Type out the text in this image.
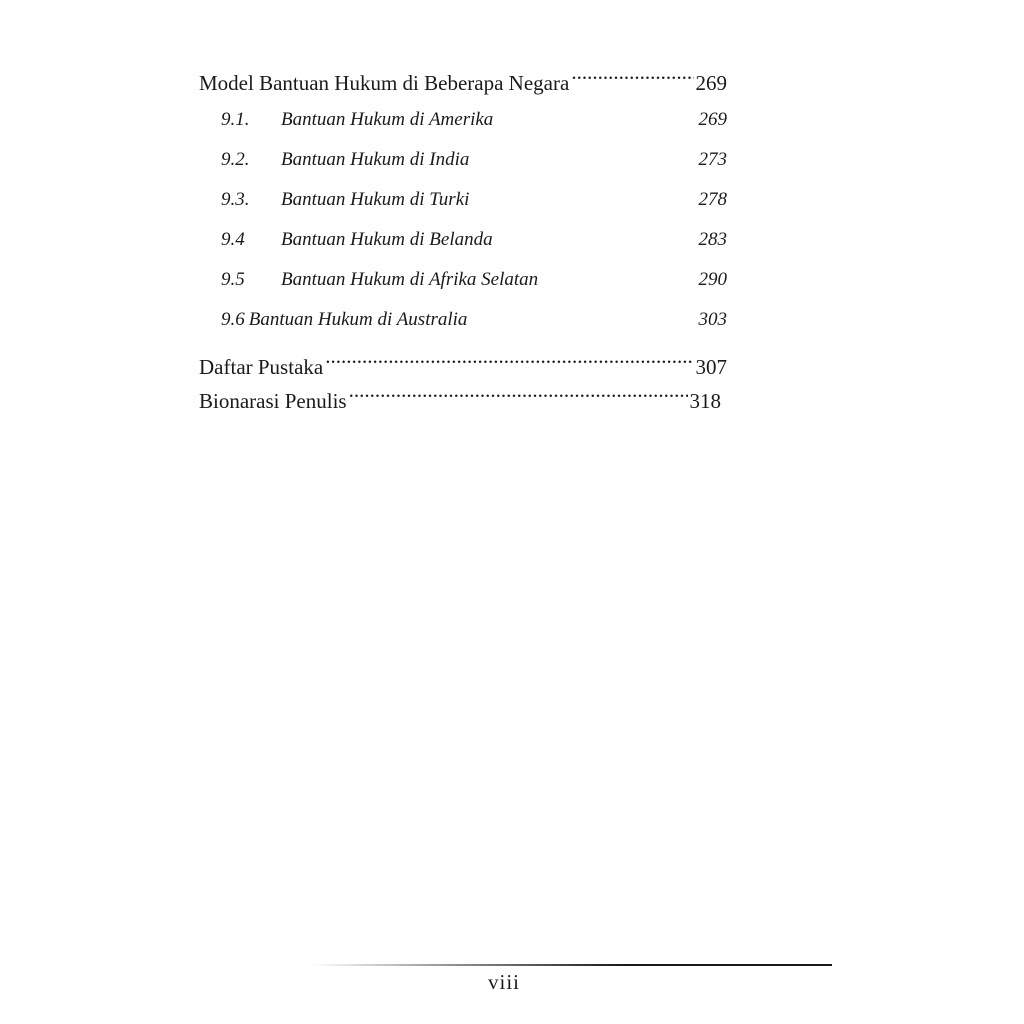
Model Bantuan Hukum di Beberapa Negara .....	269
9.1.	Bantuan Hukum di Amerika .....	269
9.2.	Bantuan Hukum di India .....	273
9.3.	Bantuan Hukum di Turki .....	278
9.4	Bantuan Hukum di Belanda .....	283
9.5	Bantuan Hukum di Afrika Selatan .....	290
9.6 Bantuan Hukum di Australia .....	303
Daftar Pustaka .....	307
Bionarasi Penulis .....	318
viii
